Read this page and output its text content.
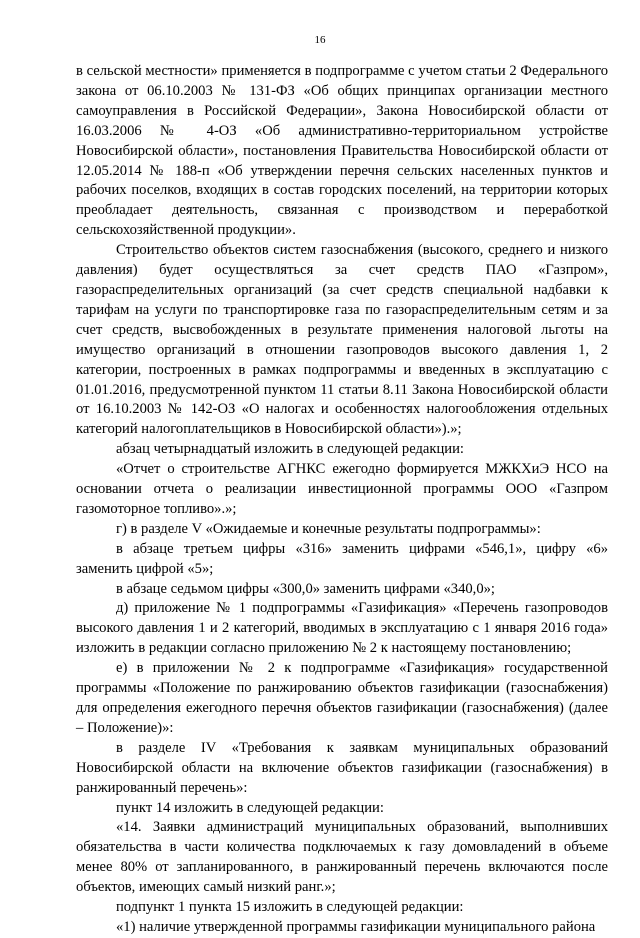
16

в сельской местности» применяется в подпрограмме с учетом статьи 2 Федерального закона от 06.10.2003 № 131-ФЗ «Об общих принципах организации местного самоуправления в Российской Федерации», Закона Новосибирской области от 16.03.2006 № 4-ОЗ «Об административно-территориальном устройстве Новосибирской области», постановления Правительства Новосибирской области от 12.05.2014 № 188-п «Об утверждении перечня сельских населенных пунктов и рабочих поселков, входящих в состав городских поселений, на территории которых преобладает деятельность, связанная с производством и переработкой сельскохозяйственной продукции».

Строительство объектов систем газоснабжения (высокого, среднего и низкого давления) будет осуществляться за счет средств ПАО «Газпром», газораспределительных организаций (за счет средств специальной надбавки к тарифам на услуги по транспортировке газа по газораспределительным сетям и за счет средств, высвобожденных в результате применения налоговой льготы на имущество организаций в отношении газопроводов высокого давления 1, 2 категории, построенных в рамках подпрограммы и введенных в эксплуатацию с 01.01.2016, предусмотренной пунктом 11 статьи 8.11 Закона Новосибирской области от 16.10.2003 № 142-ОЗ «О налогах и особенностях налогообложения отдельных категорий налогоплательщиков в Новосибирской области»).»;

абзац четырнадцатый изложить в следующей редакции:

«Отчет о строительстве АГНКС ежегодно формируется МЖКХиЭ НСО на основании отчета о реализации инвестиционной программы ООО «Газпром газомоторное топливо».»;

г) в разделе V «Ожидаемые и конечные результаты подпрограммы»:

в абзаце третьем цифры «316» заменить цифрами «546,1», цифру «6» заменить цифрой «5»;

в абзаце седьмом цифры «300,0» заменить цифрами «340,0»;

д) приложение № 1 подпрограммы «Газификация» «Перечень газопроводов высокого давления 1 и 2 категорий, вводимых в эксплуатацию с 1 января 2016 года» изложить в редакции согласно приложению № 2 к настоящему постановлению;

е) в приложении № 2 к подпрограмме «Газификация» государственной программы «Положение по ранжированию объектов газификации (газоснабжения) для определения ежегодного перечня объектов газификации (газоснабжения) (далее – Положение)»:

в разделе IV «Требования к заявкам муниципальных образований Новосибирской области на включение объектов газификации (газоснабжения) в ранжированный перечень»:

пункт 14 изложить в следующей редакции:

«14. Заявки администраций муниципальных образований, выполнивших обязательства в части количества подключаемых к газу домовладений в объеме менее 80% от запланированного, в ранжированный перечень включаются после объектов, имеющих самый низкий ранг.»;

подпункт 1 пункта 15 изложить в следующей редакции:

«1) наличие утвержденной программы газификации муниципального района
